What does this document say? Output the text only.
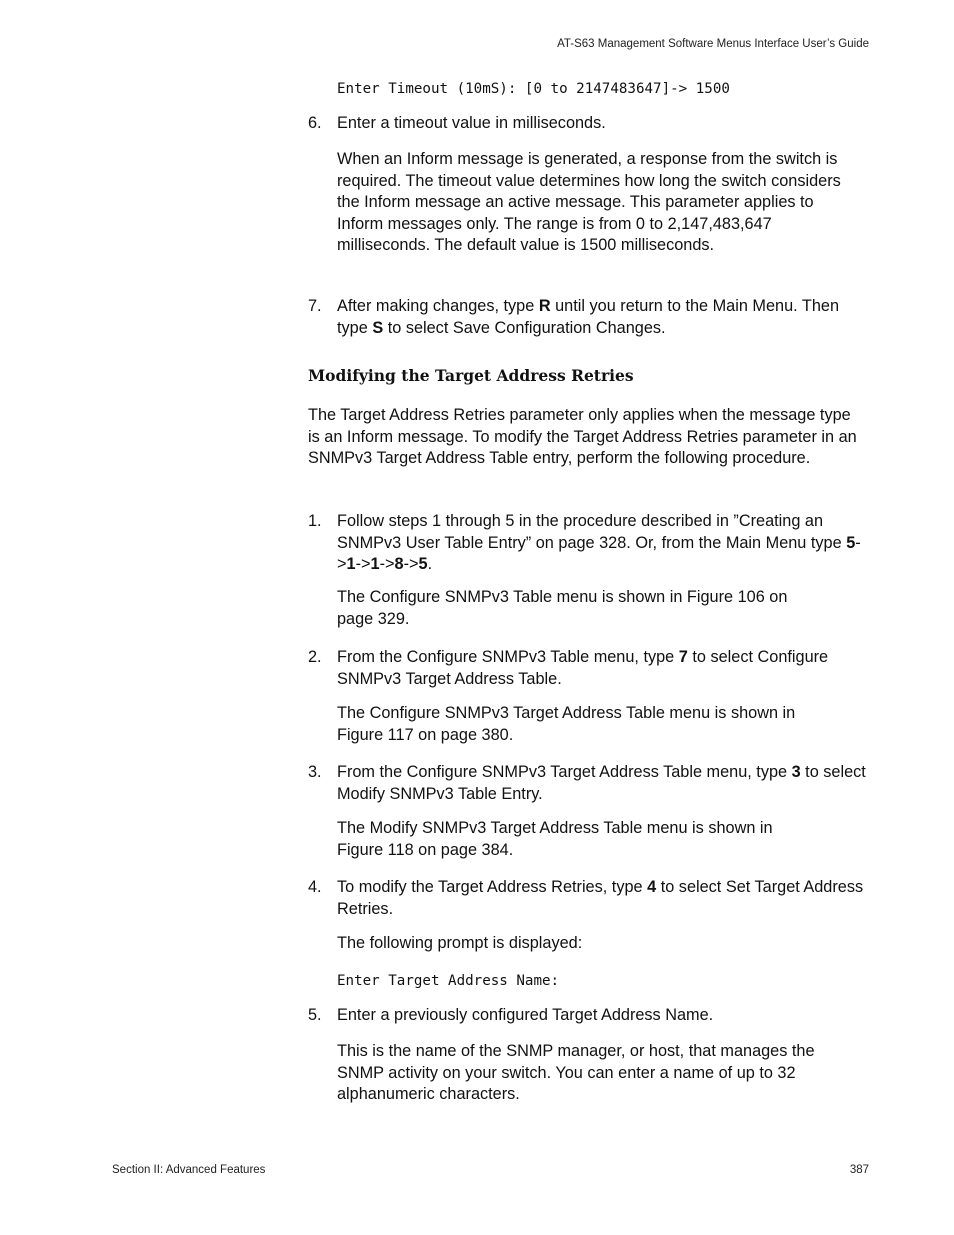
AT-S63 Management Software Menus Interface User’s Guide
Enter Timeout (10mS): [0 to 2147483647]-> 1500

6. Enter a timeout value in milliseconds.

When an Inform message is generated, a response from the switch is required. The timeout value determines how long the switch considers the Inform message an active message. This parameter applies to Inform messages only. The range is from 0 to 2,147,483,647 milliseconds. The default value is 1500 milliseconds.

7. After making changes, type R until you return to the Main Menu. Then type S to select Save Configuration Changes.

Modifying the Target Address Retries

The Target Address Retries parameter only applies when the message type is an Inform message. To modify the Target Address Retries parameter in an SNMPv3 Target Address Table entry, perform the following procedure.

1. Follow steps 1 through 5 in the procedure described in ”Creating an SNMPv3 User Table Entry” on page 328. Or, from the Main Menu type 5->1->1->8->5.

The Configure SNMPv3 Table menu is shown in Figure 106 on page 329.

2. From the Configure SNMPv3 Table menu, type 7 to select Configure SNMPv3 Target Address Table.

The Configure SNMPv3 Target Address Table menu is shown in Figure 117 on page 380.

3. From the Configure SNMPv3 Target Address Table menu, type 3 to select Modify SNMPv3 Table Entry.

The Modify SNMPv3 Target Address Table menu is shown in Figure 118 on page 384.

4. To modify the Target Address Retries, type 4 to select Set Target Address Retries.

The following prompt is displayed:

Enter Target Address Name:

5. Enter a previously configured Target Address Name.

This is the name of the SNMP manager, or host, that manages the SNMP activity on your switch. You can enter a name of up to 32 alphanumeric characters.

Section II: Advanced Features	387
